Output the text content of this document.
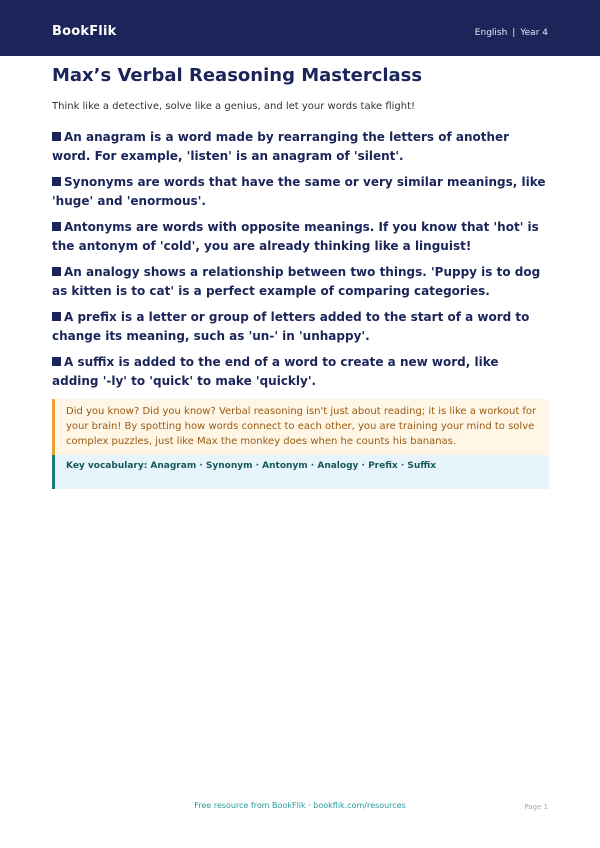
BookFlik	English | Year 4
Max’s Verbal Reasoning Masterclass

Think like a detective, solve like a genius, and let your words take flight!

An anagram is a word made by rearranging the letters of another word. For example, 'listen' is an anagram of 'silent'.
Synonyms are words that have the same or very similar meanings, like 'huge' and 'enormous'.
Antonyms are words with opposite meanings. If you know that 'hot' is the antonym of 'cold', you are already thinking like a linguist!
An analogy shows a relationship between two things. 'Puppy is to dog as kitten is to cat' is a perfect example of comparing categories.
A prefix is a letter or group of letters added to the start of a word to change its meaning, such as 'un-' in 'unhappy'.
A suffix is added to the end of a word to create a new word, like adding '-ly' to 'quick' to make 'quickly'.
Did you know? Did you know? Verbal reasoning isn't just about reading; it is like a workout for your brain! By spotting how words connect to each other, you are training your mind to solve complex puzzles, just like Max the monkey does when he counts his bananas.
Key vocabulary: Anagram · Synonym · Antonym · Analogy · Prefix · Suffix
Free resource from BookFlik · bookflik.com/resources	Page 1
